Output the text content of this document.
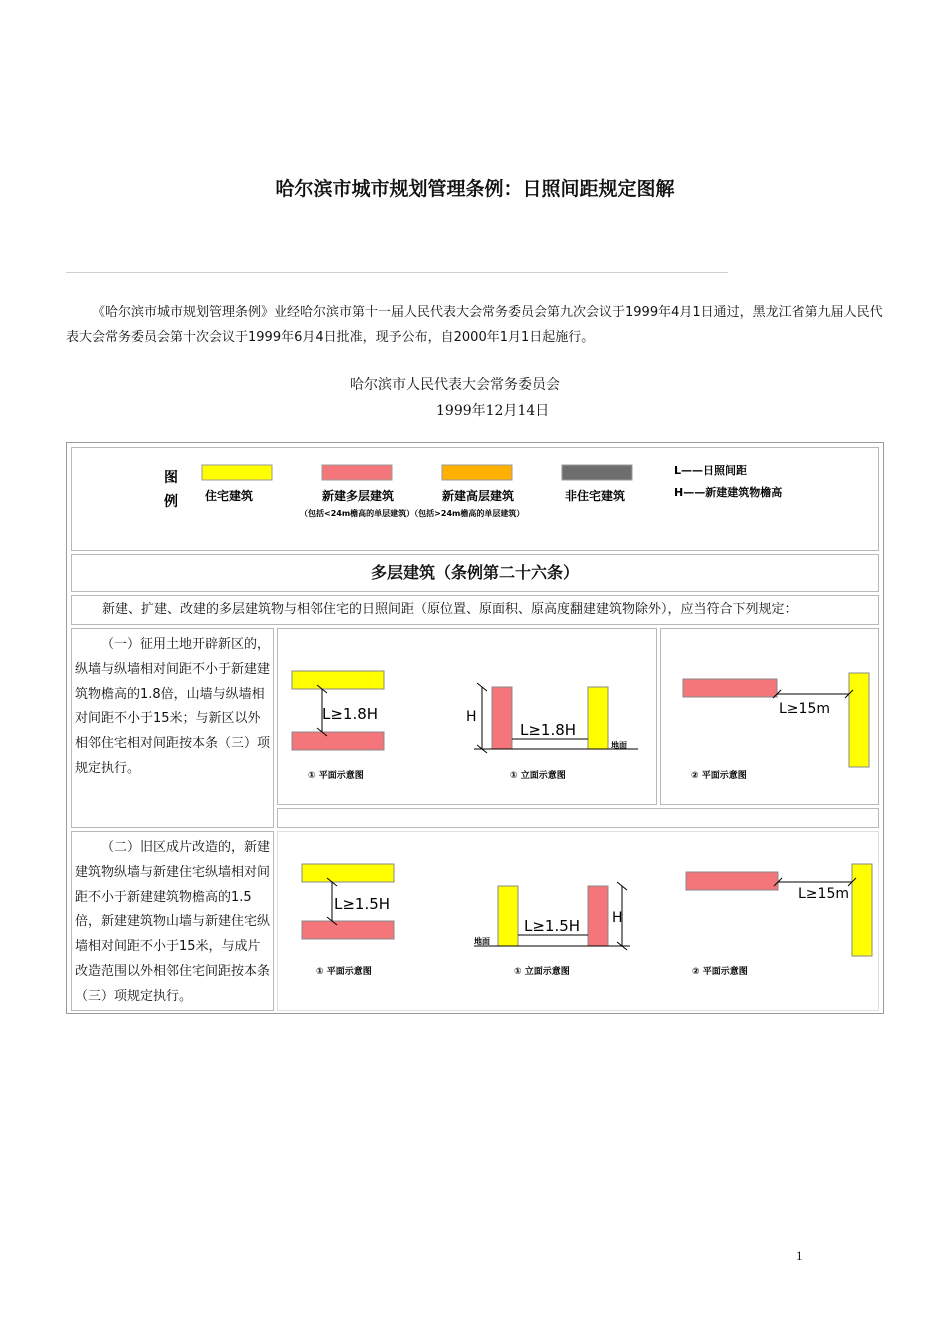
哈尔滨市城市规划管理条例：日照间距规定图解
《哈尔滨市城市规划管理条例》业经哈尔滨市第十一届人民代表大会常务委员会第九次会议于1999年4月1日通过，黑龙江省第九届人民代表大会常务委员会第十次会议于1999年6月4日批准，现予公布，自2000年1月1日起施行。
哈尔滨市人民代表大会常务委员会
1999年12月14日
图
例 住宅建筑	新建多层建筑	新建高层建筑	非住宅建筑
（包括<24m檐高的单层建筑）（包括>24m檐高的单层建筑）
L——日照间距
H——新建建筑物檐高
多层建筑（条例第二十六条）
新建、扩建、改建的多层建筑物与相邻住宅的日照间距（原位置、原面积、原高度翻建建筑物除外），应当符合下列规定：
（一）征用土地开辟新区的，纵墙与纵墙相对间距不小于新建建筑物檐高的1.8倍，山墙与纵墙相对间距不小于15米；与新区以外相邻住宅相对间距按本条（三）项规定执行。
L≥1.8H
① 平面示意图
H
L≥1.8H
地面
① 立面示意图
L≥15m
② 平面示意图
（二）旧区成片改造的，新建建筑物纵墙与新建住宅纵墙相对间距不小于新建建筑物檐高的1.5倍，新建建筑物山墙与新建住宅纵墙相对间距不小于15米，与成片改造范围以外相邻住宅间距按本条（三）项规定执行。
L≥1.5H
① 平面示意图
L≥1.5H H
地面
① 立面示意图
L≥15m
② 平面示意图
1
